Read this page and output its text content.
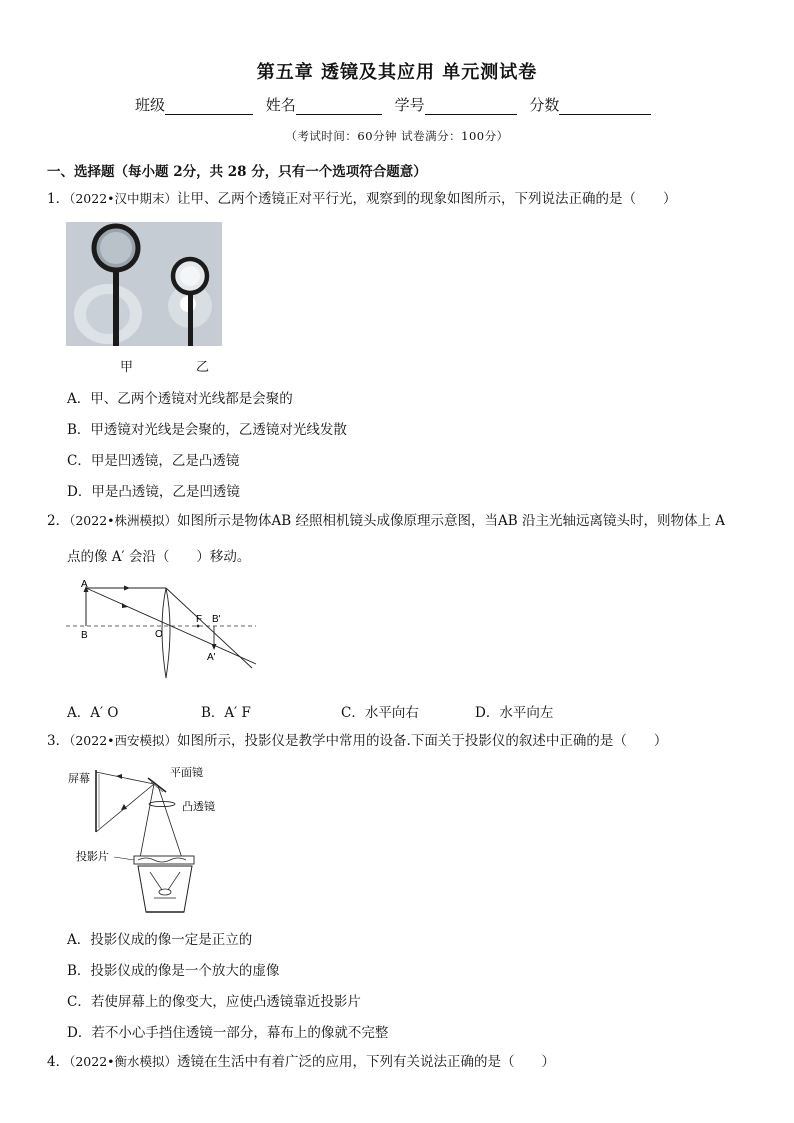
第五章 透镜及其应用 单元测试卷
班级	姓名	学号	分数
（考试时间：60分钟 试卷满分：100分）
一、选择题（每小题 2分，共 28 分，只有一个选项符合题意）
1．（2022•汉中期末）让甲、乙两个透镜正对平行光，观察到的现象如图所示，下列说法正确的是（　　）
甲	乙
A．甲、乙两个透镜对光线都是会聚的
B．甲透镜对光线是会聚的，乙透镜对光线发散
C．甲是凹透镜，乙是凸透镜
D．甲是凸透镜，乙是凹透镜
2．（2022•株洲模拟）如图所示是物体AB 经照相机镜头成像原理示意图，当AB 沿主光轴远离镜头时，则物体上 A
点的像 A′ 会沿（　　）移动。
A
B	O
F B'
A'
A．A′ O	B．A′ F	C．水平向右	D．水平向左
3．（2022•西安模拟）如图所示，投影仪是教学中常用的设备.下面关于投影仪的叙述中正确的是（　　）
屏幕	平面镜
凸透镜
投影片
A．投影仪成的像一定是正立的
B．投影仪成的像是一个放大的虚像
C．若使屏幕上的像变大，应使凸透镜靠近投影片
D．若不小心手挡住透镜一部分，幕布上的像就不完整
4．（2022•衡水模拟）透镜在生活中有着广泛的应用，下列有关说法正确的是（　　）
